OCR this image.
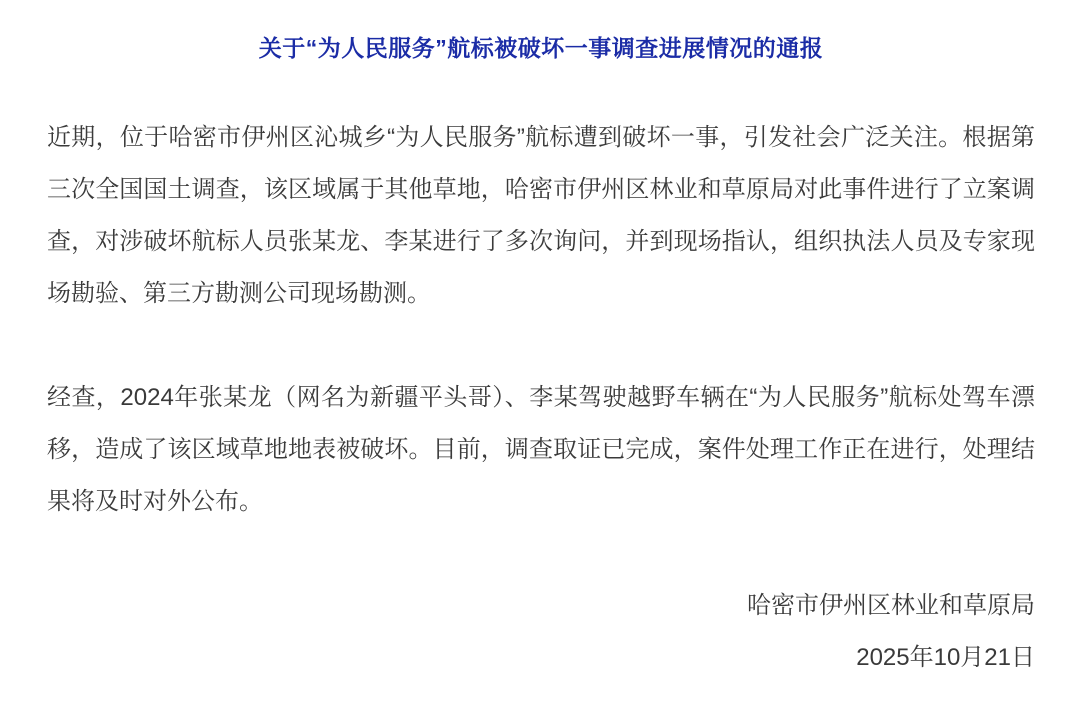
关于“为人民服务”航标被破坏一事调查进展情况的通报

近期，位于哈密市伊州区沁城乡“为人民服务”航标遭到破坏一事，引发社会广泛关注。根据第三次全国国土调查，该区域属于其他草地，哈密市伊州区林业和草原局对此事件进行了立案调查，对涉破坏航标人员张某龙、李某进行了多次询问，并到现场指认，组织执法人员及专家现场勘验、第三方勘测公司现场勘测。

经查，2024年张某龙（网名为新疆平头哥）、李某驾驶越野车辆在“为人民服务”航标处驾车漂移，造成了该区域草地地表被破坏。目前，调查取证已完成，案件处理工作正在进行，处理结果将及时对外公布。

哈密市伊州区林业和草原局

2025年10月21日
